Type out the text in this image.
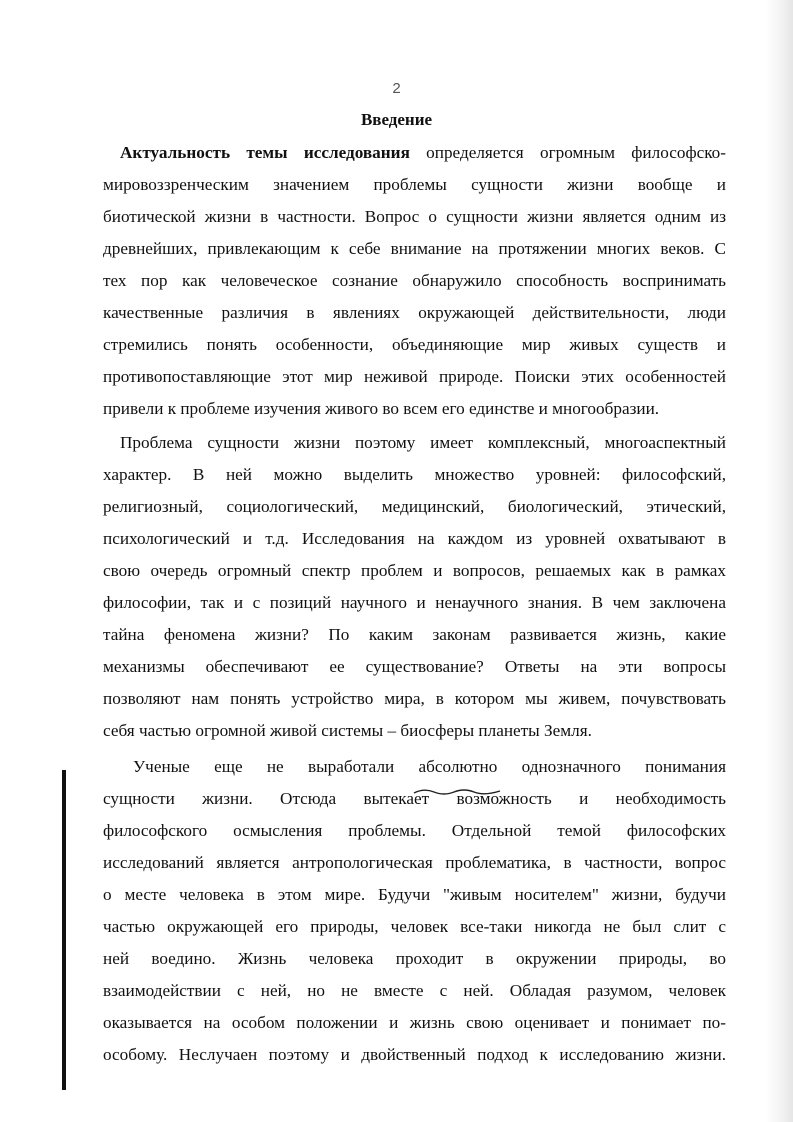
2
Введение
Актуальность темы исследования определяется огромным философско-
мировоззренческим значением проблемы сущности жизни вообще и
биотической жизни в частности. Вопрос о сущности жизни является одним из
древнейших, привлекающим к себе внимание на протяжении многих веков. С
тех пор как человеческое сознание обнаружило способность воспринимать
качественные различия в явлениях окружающей действительности, люди
стремились понять особенности, объединяющие мир живых существ и
противопоставляющие этот мир неживой природе. Поиски этих особенностей
привели к проблеме изучения живого во всем его единстве и многообразии.
Проблема сущности жизни поэтому имеет комплексный, многоаспектный
характер. В ней можно выделить множество уровней: философский,
религиозный, социологический, медицинский, биологический, этический,
психологический и т.д. Исследования на каждом из уровней охватывают в
свою очередь огромный спектр проблем и вопросов, решаемых как в рамках
философии, так и с позиций научного и ненаучного знания. В чем заключена
тайна феномена жизни? По каким законам развивается жизнь, какие
механизмы обеспечивают ее существование? Ответы на эти вопросы
позволяют нам понять устройство мира, в котором мы живем, почувствовать
себя частью огромной живой системы – биосферы планеты Земля.
Ученые еще не выработали абсолютно однозначного понимания
сущности жизни. Отсюда вытекает возможность и необходимость
философского осмысления проблемы. Отдельной темой философских
исследований является антропологическая проблематика, в частности, вопрос
о месте человека в этом мире. Будучи "живым носителем" жизни, будучи
частью окружающей его природы, человек все-таки никогда не был слит с
ней воедино. Жизнь человека проходит в окружении природы, во
взаимодействии с ней, но не вместе с ней. Обладая разумом, человек
оказывается на особом положении и жизнь свою оценивает и понимает по-
особому. Неслучаен поэтому и двойственный подход к исследованию жизни.
